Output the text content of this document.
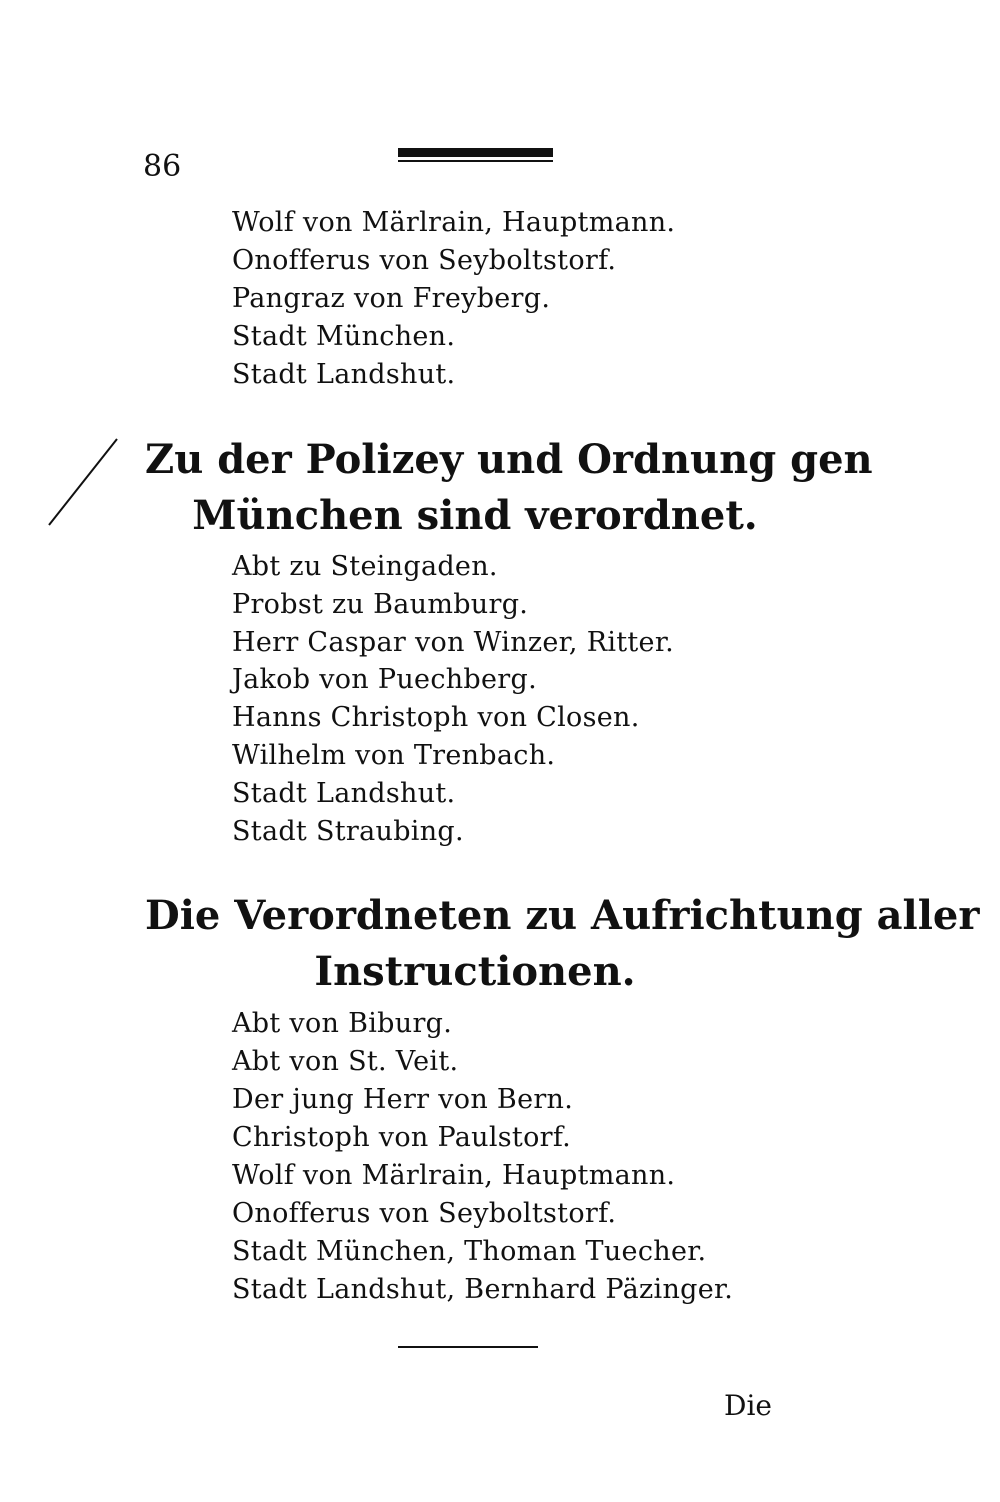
86
Wolf von Märlrain, Hauptmann.
Onofferus von Seyboltstorf.
Pangraz von Freyberg.
Stadt München.
Stadt Landshut.
Zu der Polizey und Ordnung gen
München sind verordnet.
Abt zu Steingaden.
Probst zu Baumburg.
Herr Caspar von Winzer, Ritter.
Jakob von Puechberg.
Hanns Christoph von Closen.
Wilhelm von Trenbach.
Stadt Landshut.
Stadt Straubing.
Die Verordneten zu Aufrichtung aller
Instructionen.
Abt von Biburg.
Abt von St. Veit.
Der jung Herr von Bern.
Christoph von Paulstorf.
Wolf von Märlrain, Hauptmann.
Onofferus von Seyboltstorf.
Stadt München, Thoman Tuecher.
Stadt Landshut, Bernhard Päzinger.
Die
